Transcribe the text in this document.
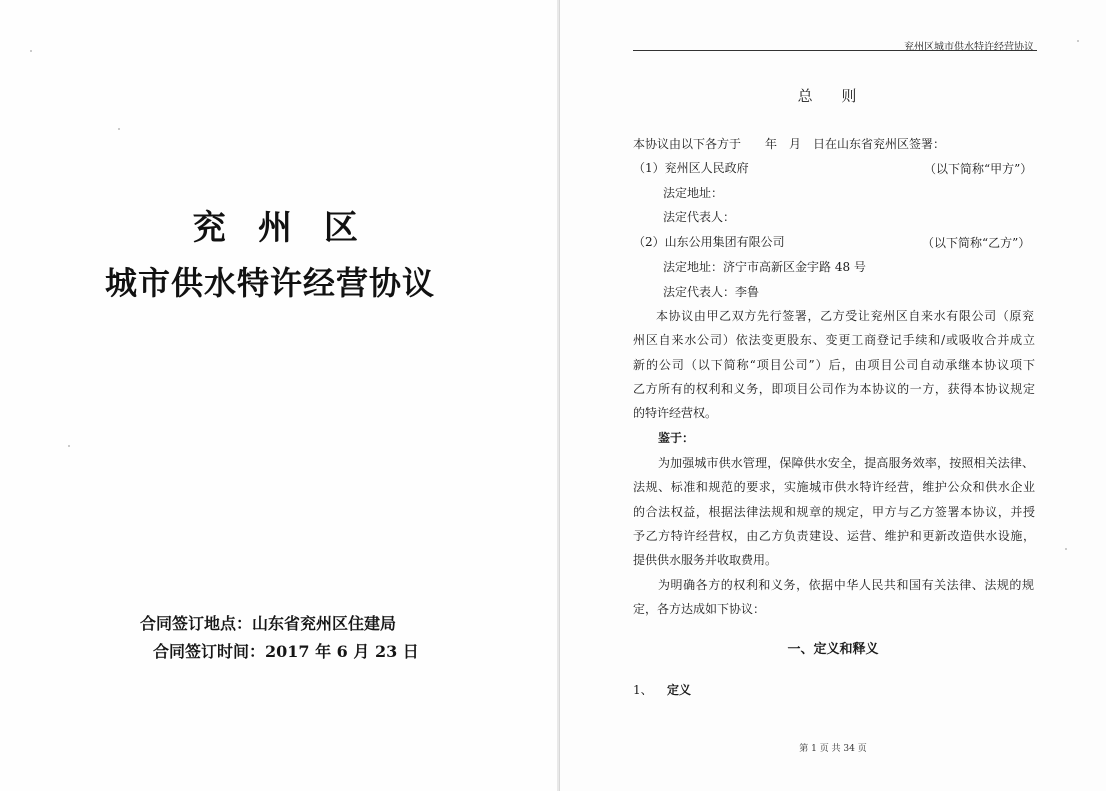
兖 州 区
城市供水特许经营协议
合同签订地点：山东省兖州区住建局
合同签订时间：2017 年 6 月 23 日
兖州区城市供水特许经营协议
总 则
本协议由以下各方于　　年　月　日在山东省兖州区签署：
（1）兖州区人民政府	（以下简称“甲方”）
法定地址：
法定代表人：
（2）山东公用集团有限公司	（以下简称“乙方”）
法定地址：济宁市高新区金宇路 48 号
法定代表人：李鲁
本协议由甲乙双方先行签署，乙方受让兖州区自来水有限公司（原兖
州区自来水公司）依法变更股东、变更工商登记手续和/或吸收合并成立
新的公司（以下简称“项目公司”）后，由项目公司自动承继本协议项下
乙方所有的权利和义务，即项目公司作为本协议的一方，获得本协议规定
的特许经营权。
鉴于：
为加强城市供水管理，保障供水安全，提高服务效率，按照相关法律、
法规、标准和规范的要求，实施城市供水特许经营，维护公众和供水企业
的合法权益，根据法律法规和规章的规定，甲方与乙方签署本协议，并授
予乙方特许经营权，由乙方负责建设、运营、维护和更新改造供水设施，
提供供水服务并收取费用。
为明确各方的权利和义务，依据中华人民共和国有关法律、法规的规
定，各方达成如下协议：
一、定义和释义
1、 定义
第 1 页 共 34 页
